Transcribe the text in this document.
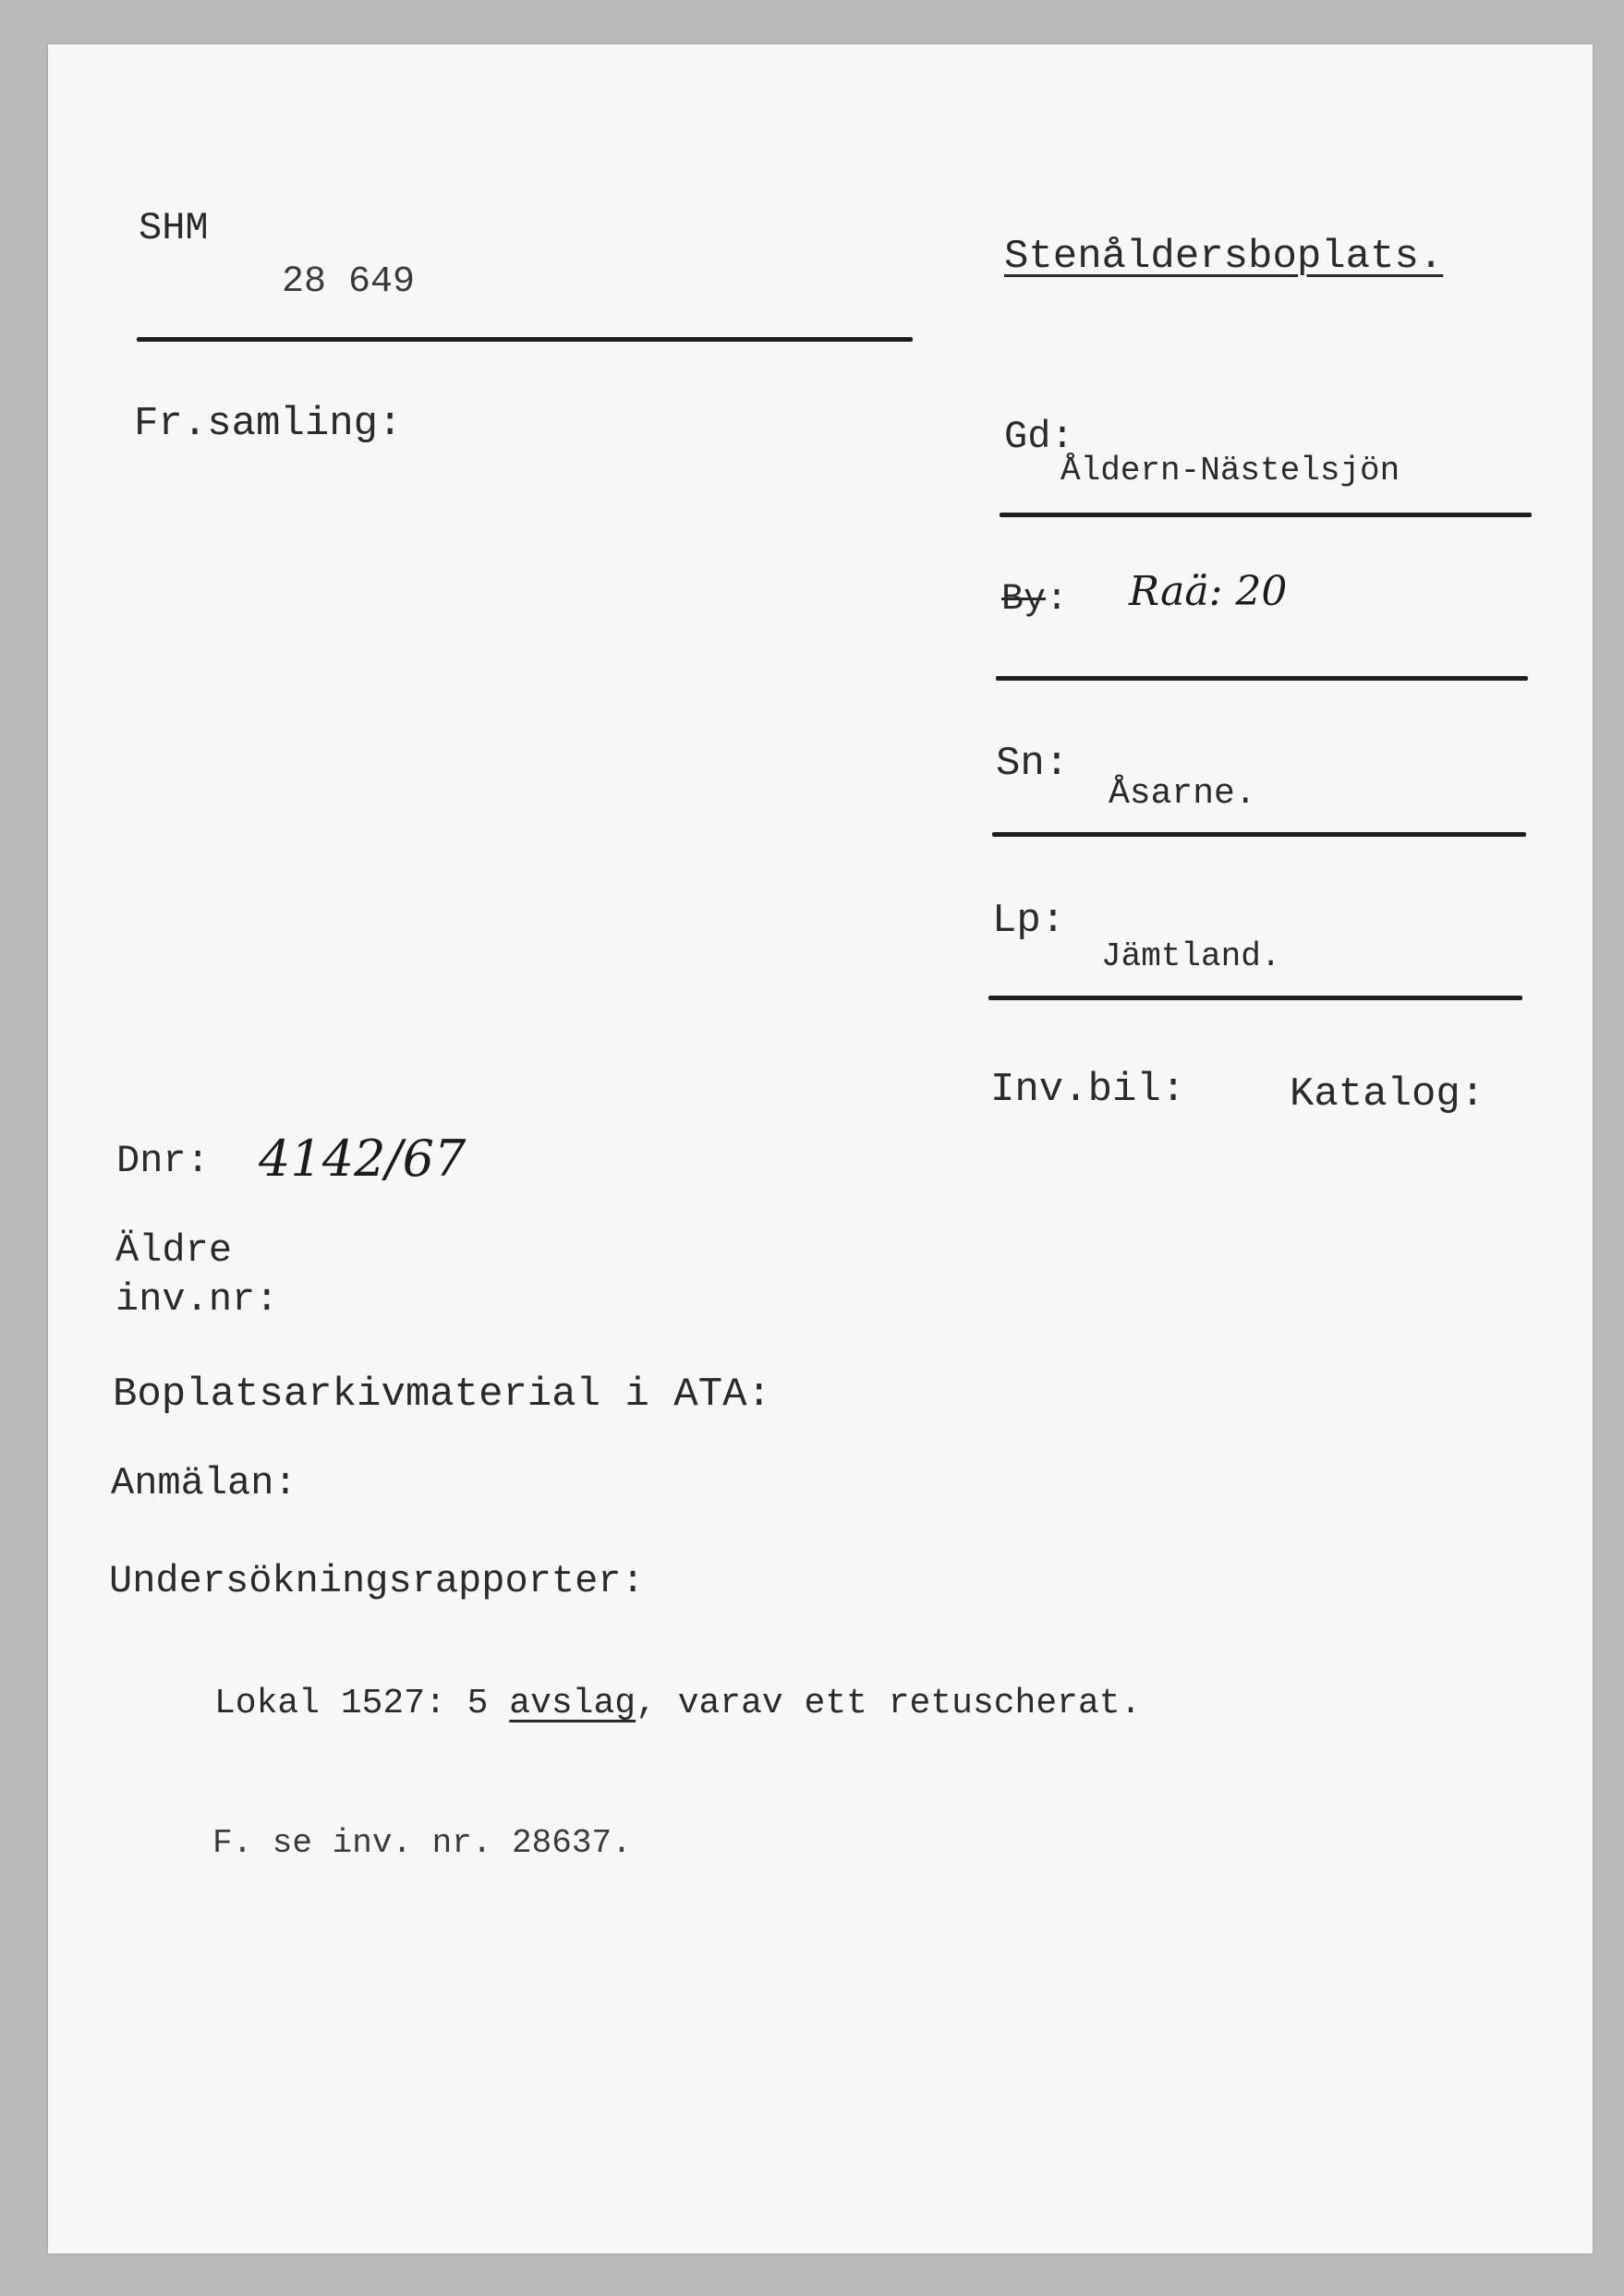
SHM
28 649
Stenåldersboplats.
Fr.samling:	Gd:
Åldern-Nästelsjön
By: Raä: 20
Sn:
Åsarne.
Lp:
Jämtland.
Inv.bil:	Katalog:
Dnr: 4142/67
Äldre
inv.nr:
Boplatsarkivmaterial i ATA:
Anmälan:
Undersökningsrapporter:
Lokal 1527: 5 avslag, varav ett retuscherat.
F. se inv. nr. 28637.
